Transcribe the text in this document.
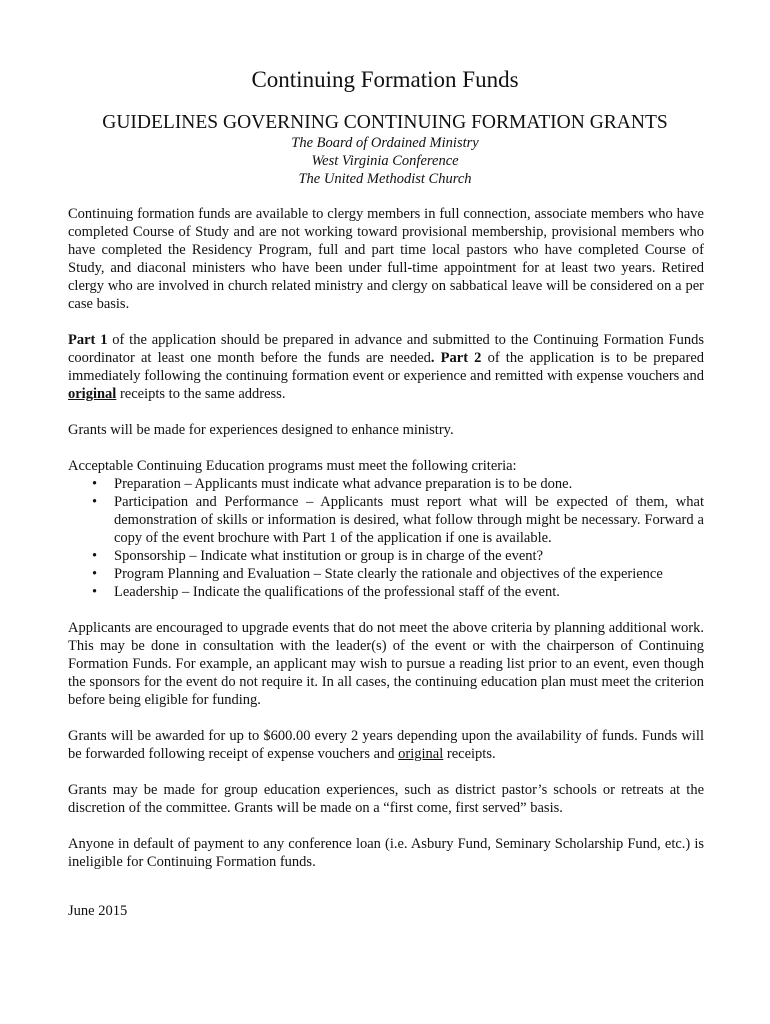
Continuing Formation Funds
GUIDELINES GOVERNING CONTINUING FORMATION GRANTS
The Board of Ordained Ministry
West Virginia Conference
The United Methodist Church

Continuing formation funds are available to clergy members in full connection, associate members who have completed Course of Study and are not working toward provisional membership, provisional members who have completed the Residency Program, full and part time local pastors who have completed Course of Study, and diaconal ministers who have been under full-time appointment for at least two years. Retired clergy who are involved in church related ministry and clergy on sabbatical leave will be considered on a per case basis.

Part 1 of the application should be prepared in advance and submitted to the Continuing Formation Funds coordinator at least one month before the funds are needed. Part 2 of the application is to be prepared immediately following the continuing formation event or experience and remitted with expense vouchers and original receipts to the same address.

Grants will be made for experiences designed to enhance ministry.

Acceptable Continuing Education programs must meet the following criteria:

• Preparation – Applicants must indicate what advance preparation is to be done.
• Participation and Performance – Applicants must report what will be expected of them, what demonstration of skills or information is desired, what follow through might be necessary. Forward a copy of the event brochure with Part 1 of the application if one is available.
• Sponsorship – Indicate what institution or group is in charge of the event?
• Program Planning and Evaluation – State clearly the rationale and objectives of the experience
• Leadership – Indicate the qualifications of the professional staff of the event.

Applicants are encouraged to upgrade events that do not meet the above criteria by planning additional work. This may be done in consultation with the leader(s) of the event or with the chairperson of Continuing Formation Funds. For example, an applicant may wish to pursue a reading list prior to an event, even though the sponsors for the event do not require it. In all cases, the continuing education plan must meet the criterion before being eligible for funding.

Grants will be awarded for up to $600.00 every 2 years depending upon the availability of funds. Funds will be forwarded following receipt of expense vouchers and original receipts.

Grants may be made for group education experiences, such as district pastor’s schools or retreats at the discretion of the committee. Grants will be made on a “first come, first served” basis.

Anyone in default of payment to any conference loan (i.e. Asbury Fund, Seminary Scholarship Fund, etc.) is ineligible for Continuing Formation funds.

June 2015
